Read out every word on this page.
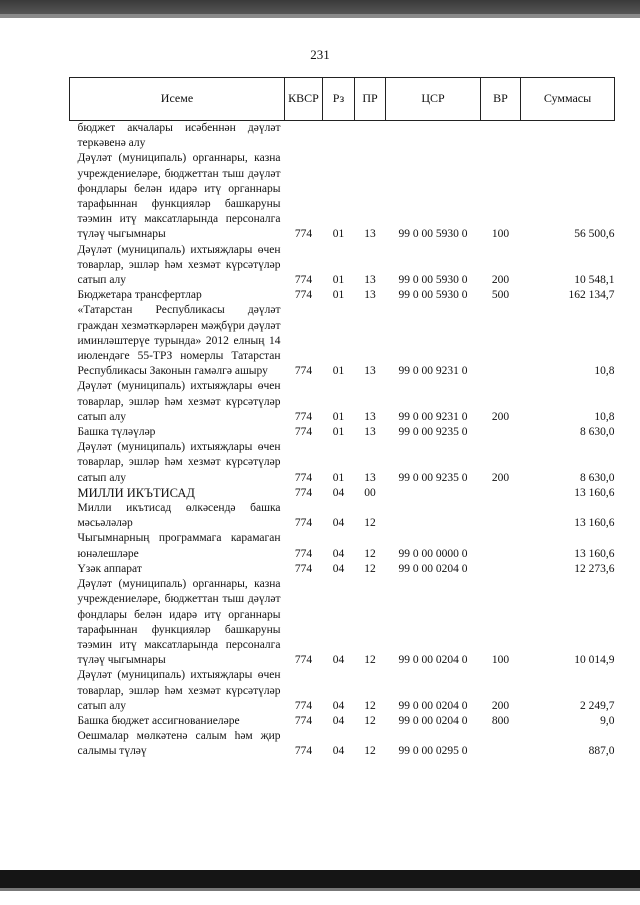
231
Исеме	КВСР	Рз	ПР	ЦСР	ВР	Суммасы
бюджет акчалары исәбеннән дәүләт теркәвенә алу						
Дәүләт (муниципаль) органнары, казна учреждениеләре, бюджеттан тыш дәүләт фондлары белән идарә итү органнары тарафыннан функцияләр башкаруны тәэмин итү максатларында персоналга түләү чыгымнары	774	01	13	99 0 00 5930 0	100	56 500,6
Дәүләт (муниципаль) ихтыяҗлары өчен товарлар, эшләр һәм хезмәт күрсәтүләр сатып алу	774	01	13	99 0 00 5930 0	200	10 548,1
Бюджетара трансфертлар	774	01	13	99 0 00 5930 0	500	162 134,7
«Татарстан Республикасы дәүләт граждан хезмәткәрләрен мәҗбүри дәүләт иминләштерүе турында» 2012 елның 14 июлендәге 55-ТРЗ номерлы Татарстан Республикасы Законын гамәлгә ашыру	774	01	13	99 0 00 9231 0		10,8
Дәүләт (муниципаль) ихтыяҗлары өчен товарлар, эшләр һәм хезмәт күрсәтүләр сатып алу	774	01	13	99 0 00 9231 0	200	10,8
Башка түләүләр	774	01	13	99 0 00 9235 0		8 630,0
Дәүләт (муниципаль) ихтыяҗлары өчен товарлар, эшләр һәм хезмәт күрсәтүләр сатып алу	774	01	13	99 0 00 9235 0	200	8 630,0
МИЛЛИ ИКЪТИСАД	774	04	00			13 160,6
Милли икътисад өлкәсендә башка мәсьәләләр	774	04	12			13 160,6
Чыгымнарның программага карамаган юнәлешләре	774	04	12	99 0 00 0000 0		13 160,6
Үзәк аппарат	774	04	12	99 0 00 0204 0		12 273,6
Дәүләт (муниципаль) органнары, казна учреждениеләре, бюджеттан тыш дәүләт фондлары белән идарә итү органнары тарафыннан функцияләр башкаруны тәэмин итү максатларында персоналга түләү чыгымнары	774	04	12	99 0 00 0204 0	100	10 014,9
Дәүләт (муниципаль) ихтыяҗлары өчен товарлар, эшләр һәм хезмәт күрсәтүләр сатып алу	774	04	12	99 0 00 0204 0	200	2 249,7
Башка бюджет ассигнованиеләре	774	04	12	99 0 00 0204 0	800	9,0
Оешмалар мөлкәтенә салым һәм җир салымы түләү	774	04	12	99 0 00 0295 0		887,0
